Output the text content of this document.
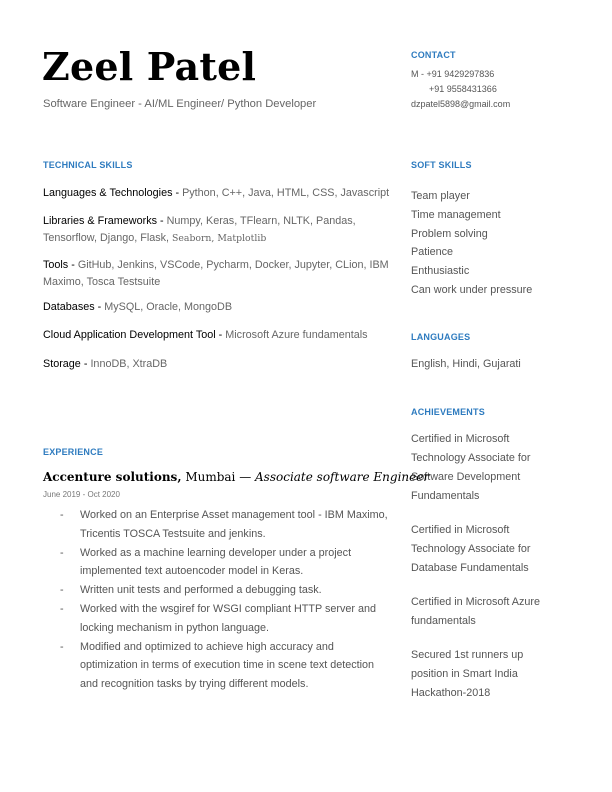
Zeel Patel
Software Engineer - AI/ML Engineer/ Python Developer
CONTACT
M - +91 9429297836
+91 9558431366
dzpatel5898@gmail.com
TECHNICAL SKILLS
Languages & Technologies - Python, C++, Java, HTML, CSS, Javascript
Libraries & Frameworks - Numpy, Keras, TFlearn, NLTK, Pandas, Tensorflow, Django, Flask, Seaborn, Matplotlib
Tools - GitHub, Jenkins, VSCode, Pycharm, Docker, Jupyter, CLion, IBM Maximo, Tosca Testsuite
Databases - MySQL, Oracle, MongoDB
Cloud Application Development Tool - Microsoft Azure fundamentals
Storage - InnoDB, XtraDB
SOFT SKILLS
Team player
Time management
Problem solving
Patience
Enthusiastic
Can work under pressure
LANGUAGES
English, Hindi, Gujarati
ACHIEVEMENTS
Certified in Microsoft Technology Associate for Software Development Fundamentals
Certified in Microsoft Technology Associate for Database Fundamentals
Certified in Microsoft Azure fundamentals
Secured 1st runners up position in Smart India Hackathon-2018
EXPERIENCE
Accenture solutions, Mumbai — Associate software Engineer
June 2019 - Oct 2020
- Worked on an Enterprise Asset management tool - IBM Maximo, Tricentis TOSCA Testsuite and jenkins.
- Worked as a machine learning developer under a project implemented text autoencoder model in Keras.
- Written unit tests and performed a debugging task.
- Worked with the wsgiref for WSGI compliant HTTP server and locking mechanism in python language.
- Modified and optimized to achieve high accuracy and optimization in terms of execution time in scene text detection and recognition tasks by trying different models.
